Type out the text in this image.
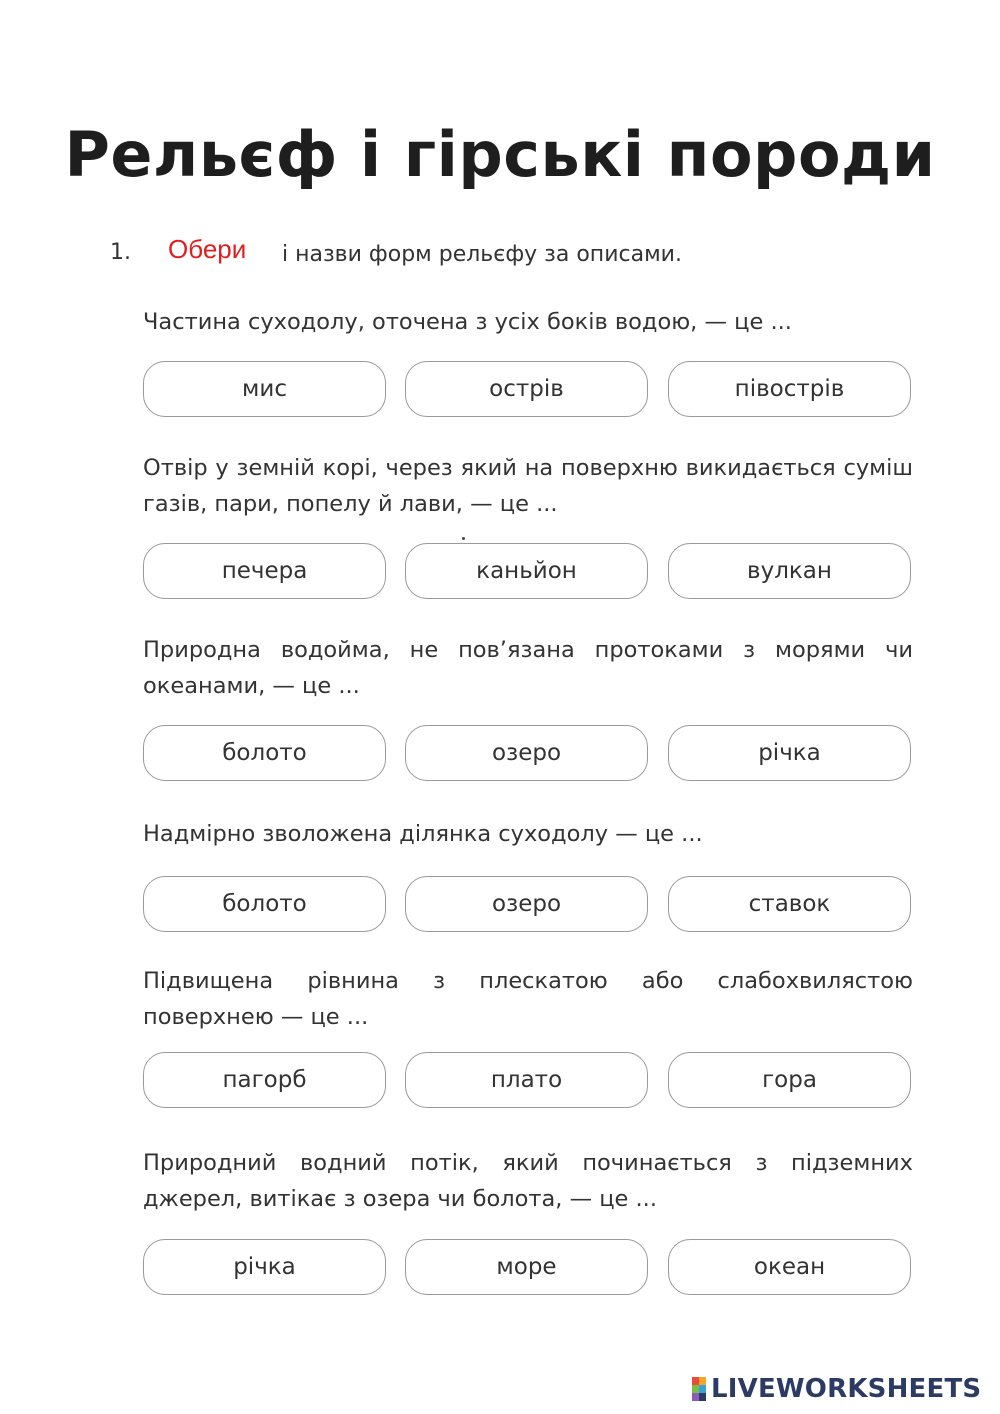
Рельєф і гірські породи
1.	і назви форм рельєфу за описами.
Обери
Частина суходолу, оточена з усіх боків водою, — це ...
мис	острів	півострів
Отвір у земній корі, через який на поверхню викидається суміш газів, пари, попелу й лави, — це ...
печера	каньйон	вулкан
Природна водойма, не пов’язана протоками з морями чи океанами, — це ...
болото	озеро	річка
Надмірно зволожена ділянка суходолу — це ...
болото	озеро	ставок
Підвищена рівнина з плескатою або слабохвилястою поверхнею — це ...
пагорб	плато	гора
Природний водний потік, який починається з підземних джерел, витікає з озера чи болота, — це ...
річка	море	океан
LIVEWORKSHEETS
